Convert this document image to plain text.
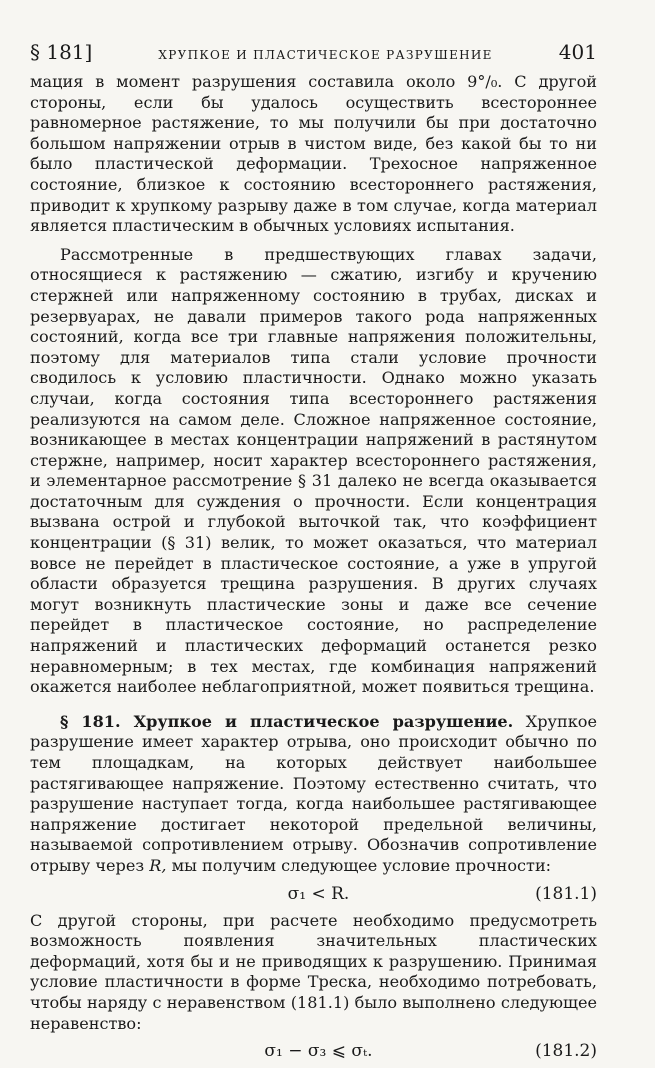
§ 181]	ХРУПКОЕ И ПЛАСТИЧЕСКОЕ РАЗРУШЕНИЕ	401

мация в момент разрушения составила около 9°/₀. С другой стороны, если бы удалось осуществить всестороннее равномерное растяжение, то мы получили бы при достаточно большом напряжении отрыв в чистом виде, без какой бы то ни было пластической деформации. Трехосное напряженное состояние, близкое к состоянию всестороннего растяжения, приводит к хрупкому разрыву даже в том случае, когда материал является пластическим в обычных условиях испытания.

Рассмотренные в предшествующих главах задачи, относящиеся к растяжению — сжатию, изгибу и кручению стержней или напряженному состоянию в трубах, дисках и резервуарах, не давали примеров такого рода напряженных состояний, когда все три главные напряжения положительны, поэтому для материалов типа стали условие прочности сводилось к условию пластичности. Однако можно указать случаи, когда состояния типа всестороннего растяжения реализуются на самом деле. Сложное напряженное состояние, возникающее в местах концентрации напряжений в растянутом стержне, например, носит характер всестороннего растяжения, и элементарное рассмотрение § 31 далеко не всегда оказывается достаточным для суждения о прочности. Если концентрация вызвана острой и глубокой выточкой так, что коэффициент концентрации (§ 31) велик, то может оказаться, что материал вовсе не перейдет в пластическое состояние, а уже в упругой области образуется трещина разрушения. В других случаях могут возникнуть пластические зоны и даже все сечение перейдет в пластическое состояние, но распределение напряжений и пластических деформаций останется резко неравномерным; в тех местах, где комбинация напряжений окажется наиболее неблагоприятной, может появиться трещина.

§ 181. Хрупкое и пластическое разрушение. Хрупкое разрушение имеет характер отрыва, оно происходит обычно по тем площадкам, на которых действует наибольшее растягивающее напряжение. Поэтому естественно считать, что разрушение наступает тогда, когда наибольшее растягивающее напряжение достигает некоторой предельной величины, называемой сопротивлением отрыву. Обозначив сопротивление отрыву через R, мы получим следующее условие прочности:

σ₁ < R.	(181.1)

С другой стороны, при расчете необходимо предусмотреть возможность появления значительных пластических деформаций, хотя бы и не приводящих к разрушению. Принимая условие пластичности в форме Треска, необходимо потребовать, чтобы наряду с неравенством (181.1) было выполнено следующее неравенство:

σ₁ − σ₃ ⩽ σₜ.	(181.2)
